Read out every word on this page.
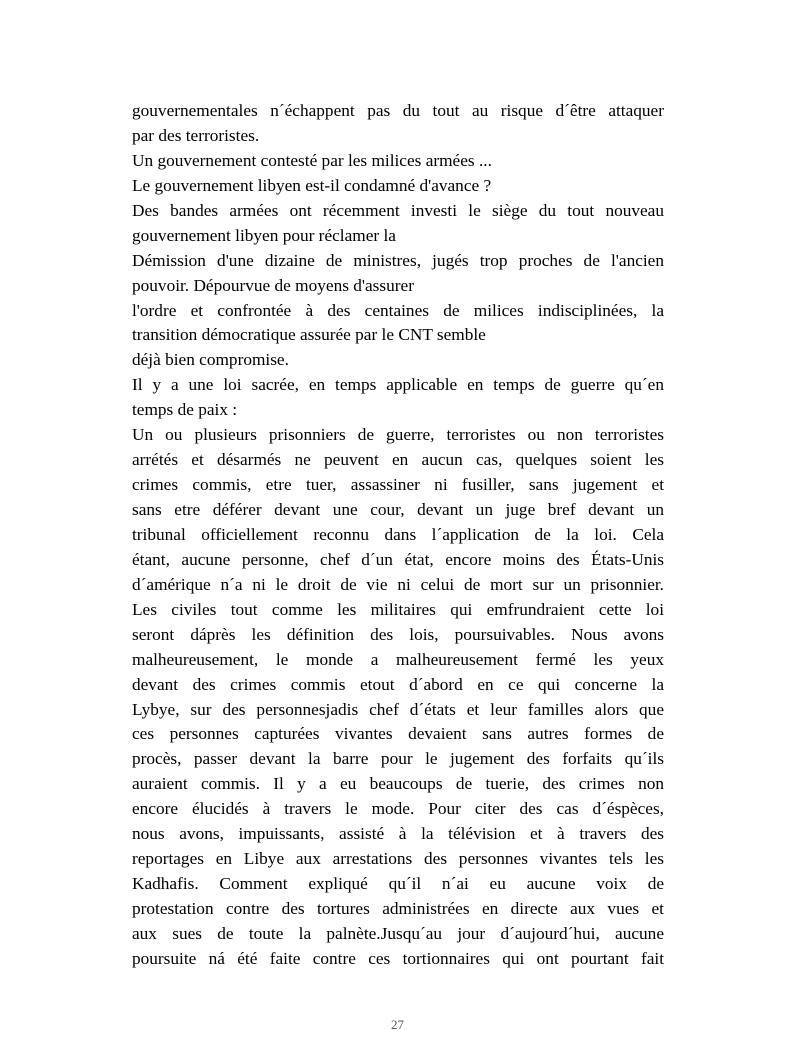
gouvernementales n´échappent pas du tout au risque d´être attaquer
par des terroristes.
Un gouvernement contesté par les milices armées ...
Le gouvernement libyen est-il condamné d'avance ?
Des bandes armées ont récemment investi le siège du tout nouveau
gouvernement libyen pour réclamer la
Démission d'une dizaine de ministres, jugés trop proches de l'ancien
pouvoir. Dépourvue de moyens d'assurer
l'ordre et confrontée à des centaines de milices indisciplinées, la
transition démocratique assurée par le CNT semble
déjà bien compromise.
Il y a une loi sacrée, en temps applicable en temps de guerre qu´en
temps de paix :
Un ou plusieurs prisonniers de guerre, terroristes ou non terroristes
arrétés et désarmés ne peuvent en aucun cas, quelques soient les
crimes commis, etre tuer, assassiner ni fusiller, sans jugement et
sans etre déférer devant une cour, devant un juge bref devant un
tribunal officiellement reconnu dans l´application de la loi. Cela
étant, aucune personne, chef d´un état, encore moins des États-Unis
d´amérique n´a ni le droit de vie ni celui de mort sur un prisonnier.
Les civiles tout comme les militaires qui emfrundraient cette loi
seront dáprès les définition des lois, poursuivables. Nous avons
malheureusement, le monde a malheureusement fermé les yeux
devant des crimes commis etout d´abord en ce qui concerne la
Lybye, sur des personnesjadis chef d´états et leur familles alors que
ces personnes capturées vivantes devaient sans autres formes de
procès, passer devant la barre pour le jugement des forfaits qu´ils
auraient commis. Il y a eu beaucoups de tuerie, des crimes non
encore élucidés à travers le mode. Pour citer des cas d´éspèces,
nous avons, impuissants, assisté à la télévision et à travers des
reportages en Libye aux arrestations des personnes vivantes tels les
Kadhafis. Comment expliqué qu´il n´ai eu aucune voix de
protestation contre des tortures administrées en directe aux vues et
aux sues de toute la palnète.Jusqu´au jour d´aujourd´hui, aucune
poursuite ná été faite contre ces tortionnaires qui ont pourtant fait
27
